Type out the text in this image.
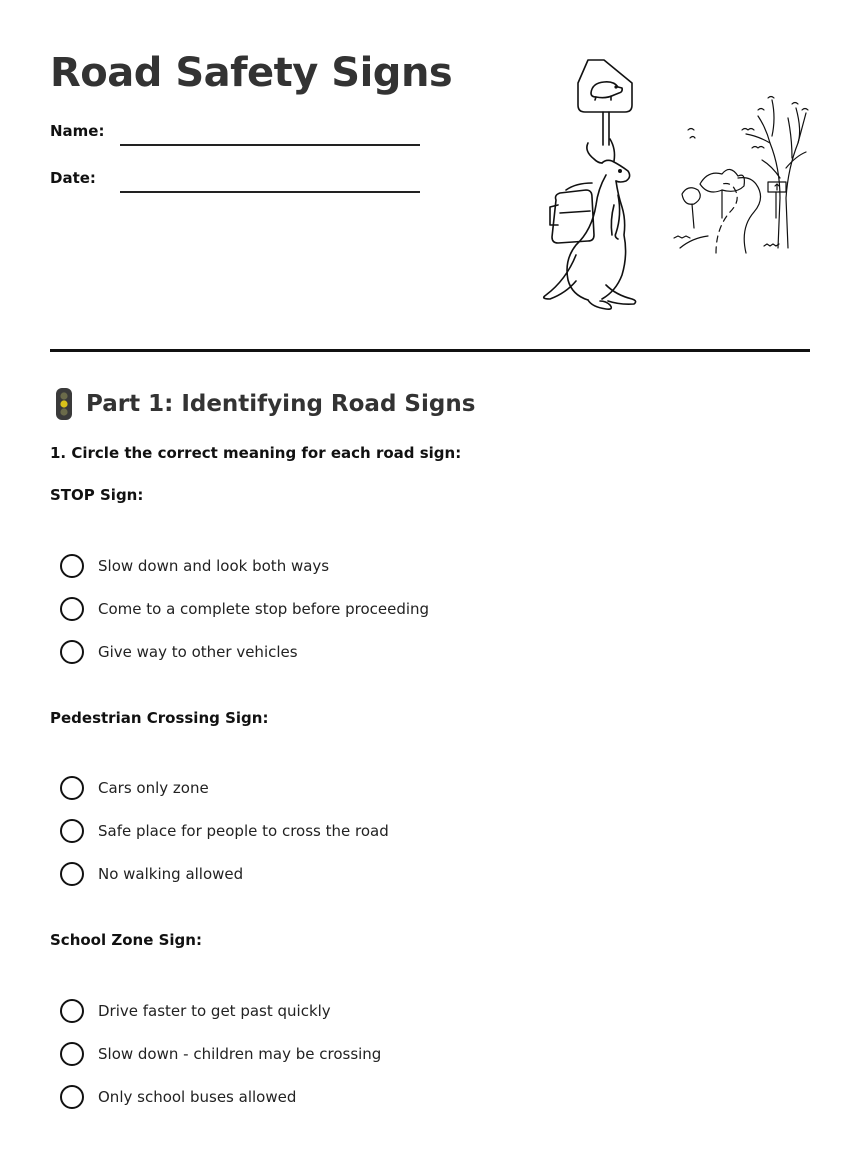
Road Safety Signs
Name:
Date:
Part 1: Identifying Road Signs
1. Circle the correct meaning for each road sign:
STOP Sign:
Slow down and look both ways
Come to a complete stop before proceeding
Give way to other vehicles
Pedestrian Crossing Sign:
Cars only zone
Safe place for people to cross the road
No walking allowed
School Zone Sign:
Drive faster to get past quickly
Slow down - children may be crossing
Only school buses allowed
